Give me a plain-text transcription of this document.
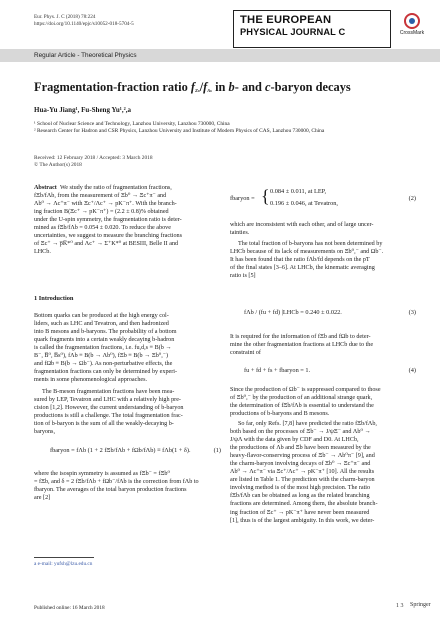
Eur. Phys. J. C (2018) 78:224
https://doi.org/10.1140/epjc/s10052-018-5704-5	THE EUROPEAN
PHYSICAL JOURNAL C	CrossMark
Regular Article - Theoretical Physics
Fragmentation-fraction ratio $f_{\Xi b}/f_{\Lambda b}$ in b- and c-baryon decays
Hua-Yu Jiang¹, Fu-Sheng Yu¹,²,a
¹ School of Nuclear Science and Technology, Lanzhou University, Lanzhou 730000, China
² Research Center for Hadron and CSR Physics, Lanzhou University and Institute of Modern Physics of CAS, Lanzhou 730000, China
Received: 12 February 2018 / Accepted: 3 March 2018
© The Author(s) 2018
Abstract We study the ratio of fragmentation fractions,
fΞb/fΛb, from the measurement of Ξb⁰ → Ξc⁺π⁻ and
Λb⁰ → Λc⁺π⁻ with Ξc⁺/Λc⁺ → pK⁻π⁺. With the branch-
ing fraction B(Ξc⁺ → pK⁻π⁺) = (2.2 ± 0.8)% obtained
under the U-spin symmetry, the fragmentation ratio is deter-
mined as fΞb/fΛb = 0.054 ± 0.020. To reduce the above
uncertainties, we suggest to measure the branching fractions
of Ξc⁺ → p̅K̅*⁰ and Λc⁺ → Σ⁺K*⁰ at BESIII, Belle II and
LHCb.
1 Introduction
Bottom quarks can be produced at the high energy col-
liders, such as LHC and Tevatron, and then hadronized
into B mesons and b-baryons. The probability of a bottom
quark fragments into a certain weakly decaying b-hadron
is called the fragmentation fractions, i.e. fu,d,s ≡ B(b →
B⁻, B̅⁰, B̅s⁰), fΛb ≡ B(b → Λb⁰), fΞb ≡ B(b → Ξb⁰,⁻)
and fΩb ≡ B(b → Ωb⁻). As non-perturbative effects, the
fragmentation fractions can only be determined by experi-
ments in some phenomenological approaches.
The B-meson fragmentation fractions have been mea-
sured by LEP, Tevatron and LHC with a relatively high pre-
cision [1,2]. However, the current understanding of b-baryon
productions is still a challenge. The total fragmentation frac-
tion of b-baryon is the sum of all the weakly-decaying b-
baryons,
fbaryon = fΛb (1 + 2 fΞb/fΛb + fΩb/fΛb) ≡ fΛb(1 + δ).	(1)
where the isospin symmetry is assumed as fΞb⁻ = fΞb⁰
= fΞb, and δ = 2 fΞb/fΛb + fΩb⁻/fΛb is the correction from fΛb to
fbaryon. The averages of the total baryon production fractions
are [2]
a e-mail: yufsh@lzu.edu.cn
Published online: 16 March 2018
fbaryon = { 0.084 ± 0.011, at LEP,
0.196 ± 0.046, at Tevatron,
(2)
which are inconsistent with each other, and of large uncer-
tainties.
The total fraction of b-baryons has not been determined by
LHCb because of its lack of measurements on Ξb⁰,⁻ and Ωb⁻.
It has been found that the ratio fΛb/fd depends on the pT
of the final states [3–6]. At LHCb, the kinematic averaging
ratio is [5]
fΛb / (fu + fd) |LHCb = 0.240 ± 0.022.	(3)
It is required for the information of fΞb and fΩb to deter-
mine the other fragmentation fractions at LHCb due to the
constraint of
fu + fd + fs + fbaryon = 1.	(4)
Since the production of Ωb⁻ is suppressed compared to those
of Ξb⁰,⁻ by the production of an additional strange quark,
the determination of fΞb/fΛb is essential to understand the
productions of b-baryons and B mesons.
So far, only Refs. [7,8] have predicted the ratio fΞb/fΛb,
both based on the processes of Ξb⁻ → J/ψΞ⁻ and Λb⁰ →
J/ψΛ with the data given by CDF and D0. At LHCb,
the productions of Λb and Ξb have been measured by the
heavy-flavor-conserving process of Ξb⁻ → Λb⁰π⁻ [9], and
the charm-baryon involving decays of Ξb⁰ → Ξc⁺π⁻ and
Λb⁰ → Λc⁺π⁻ via Ξc⁺/Λc⁺ → pK⁻π⁺ [10]. All the results
are listed in Table 1. The prediction with the charm-baryon
involving method is of the most high precision. The ratio
fΞb/fΛb can be obtained as long as the related branching
fractions are determined. Among them, the absolute branch-
ing fraction of Ξc⁺ → pK⁻π⁺ have never been measured
[1], thus is of the largest ambiguity. In this work, we deter-
1 3 Springer
